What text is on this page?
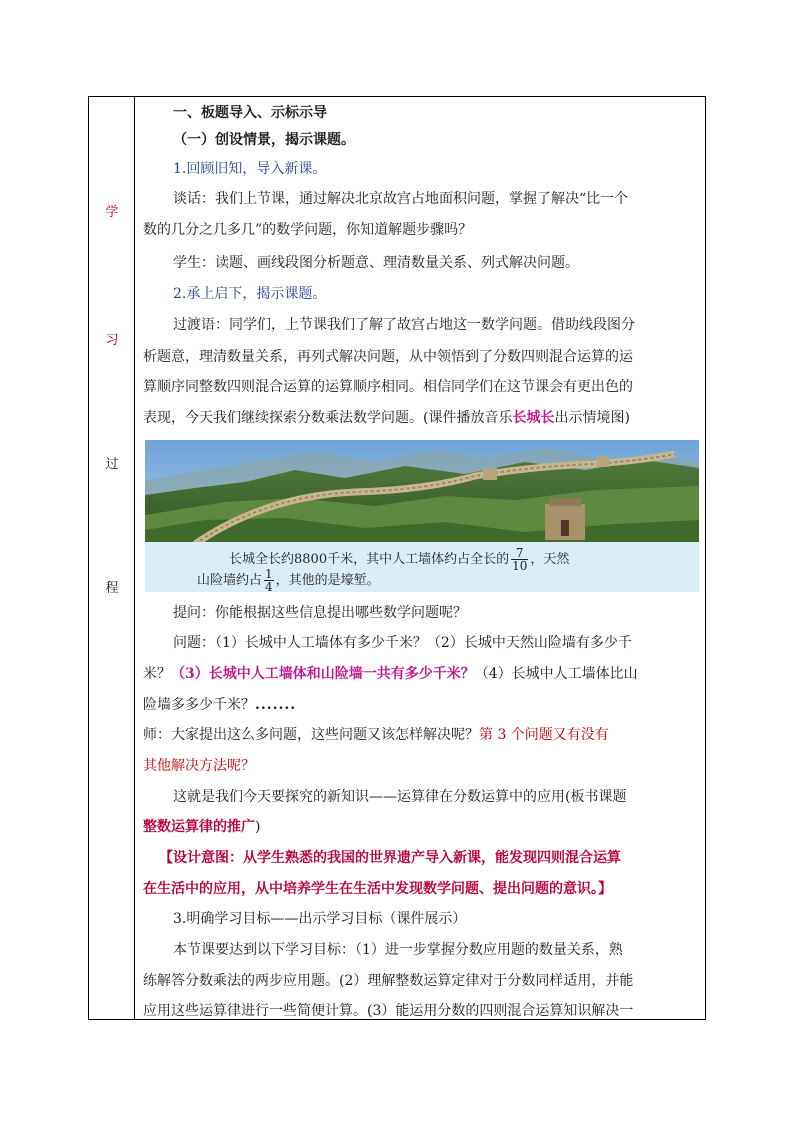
学
习
过
程
一、板题导入、示标示导
（一）创设情景，揭示课题。
1.回顾旧知，导入新课。
谈话：我们上节课，通过解决北京故宫占地面积问题，掌握了解决“比一个
数的几分之几多几”的数学问题，你知道解题步骤吗？
学生：读题、画线段图分析题意、理清数量关系、列式解决问题。
2.承上启下，揭示课题。
过渡语：同学们，上节课我们了解了故宫占地这一数学问题。借助线段图分
析题意，理清数量关系，再列式解决问题，从中领悟到了分数四则混合运算的运
算顺序同整数四则混合运算的运算顺序相同。相信同学们在这节课会有更出色的
表现，今天我们继续探索分数乘法数学问题。(课件播放音乐长城长出示情境图)
长城全长约8800千米，其中人工墙体约占全长的 $\frac{7}{10}$ ，天然
山险墙约占 $\frac{1}{4}$ ，其他的是壕堑。
提问：你能根据这些信息提出哪些数学问题呢？
问题：（1）长城中人工墙体有多少千米？（2）长城中天然山险墙有多少千
米？（3）长城中人工墙体和山险墙一共有多少千米？（4）长城中人工墙体比山
险墙多多少千米？.......
师：大家提出这么多问题，这些问题又该怎样解决呢？第 3 个问题又有没有
其他解决方法呢？
这就是我们今天要探究的新知识——运算律在分数运算中的应用(板书课题
整数运算律的推广)
【设计意图：从学生熟悉的我国的世界遗产导入新课，能发现四则混合运算
在生活中的应用，从中培养学生在生活中发现数学问题、提出问题的意识。】
3.明确学习目标——出示学习目标（课件展示）
本节课要达到以下学习目标：（1）进一步掌握分数应用题的数量关系，熟
练解答分数乘法的两步应用题。(2）理解整数运算定律对于分数同样适用，并能
应用这些运算律进行一些简便计算。(3）能运用分数的四则混合运算知识解决一
